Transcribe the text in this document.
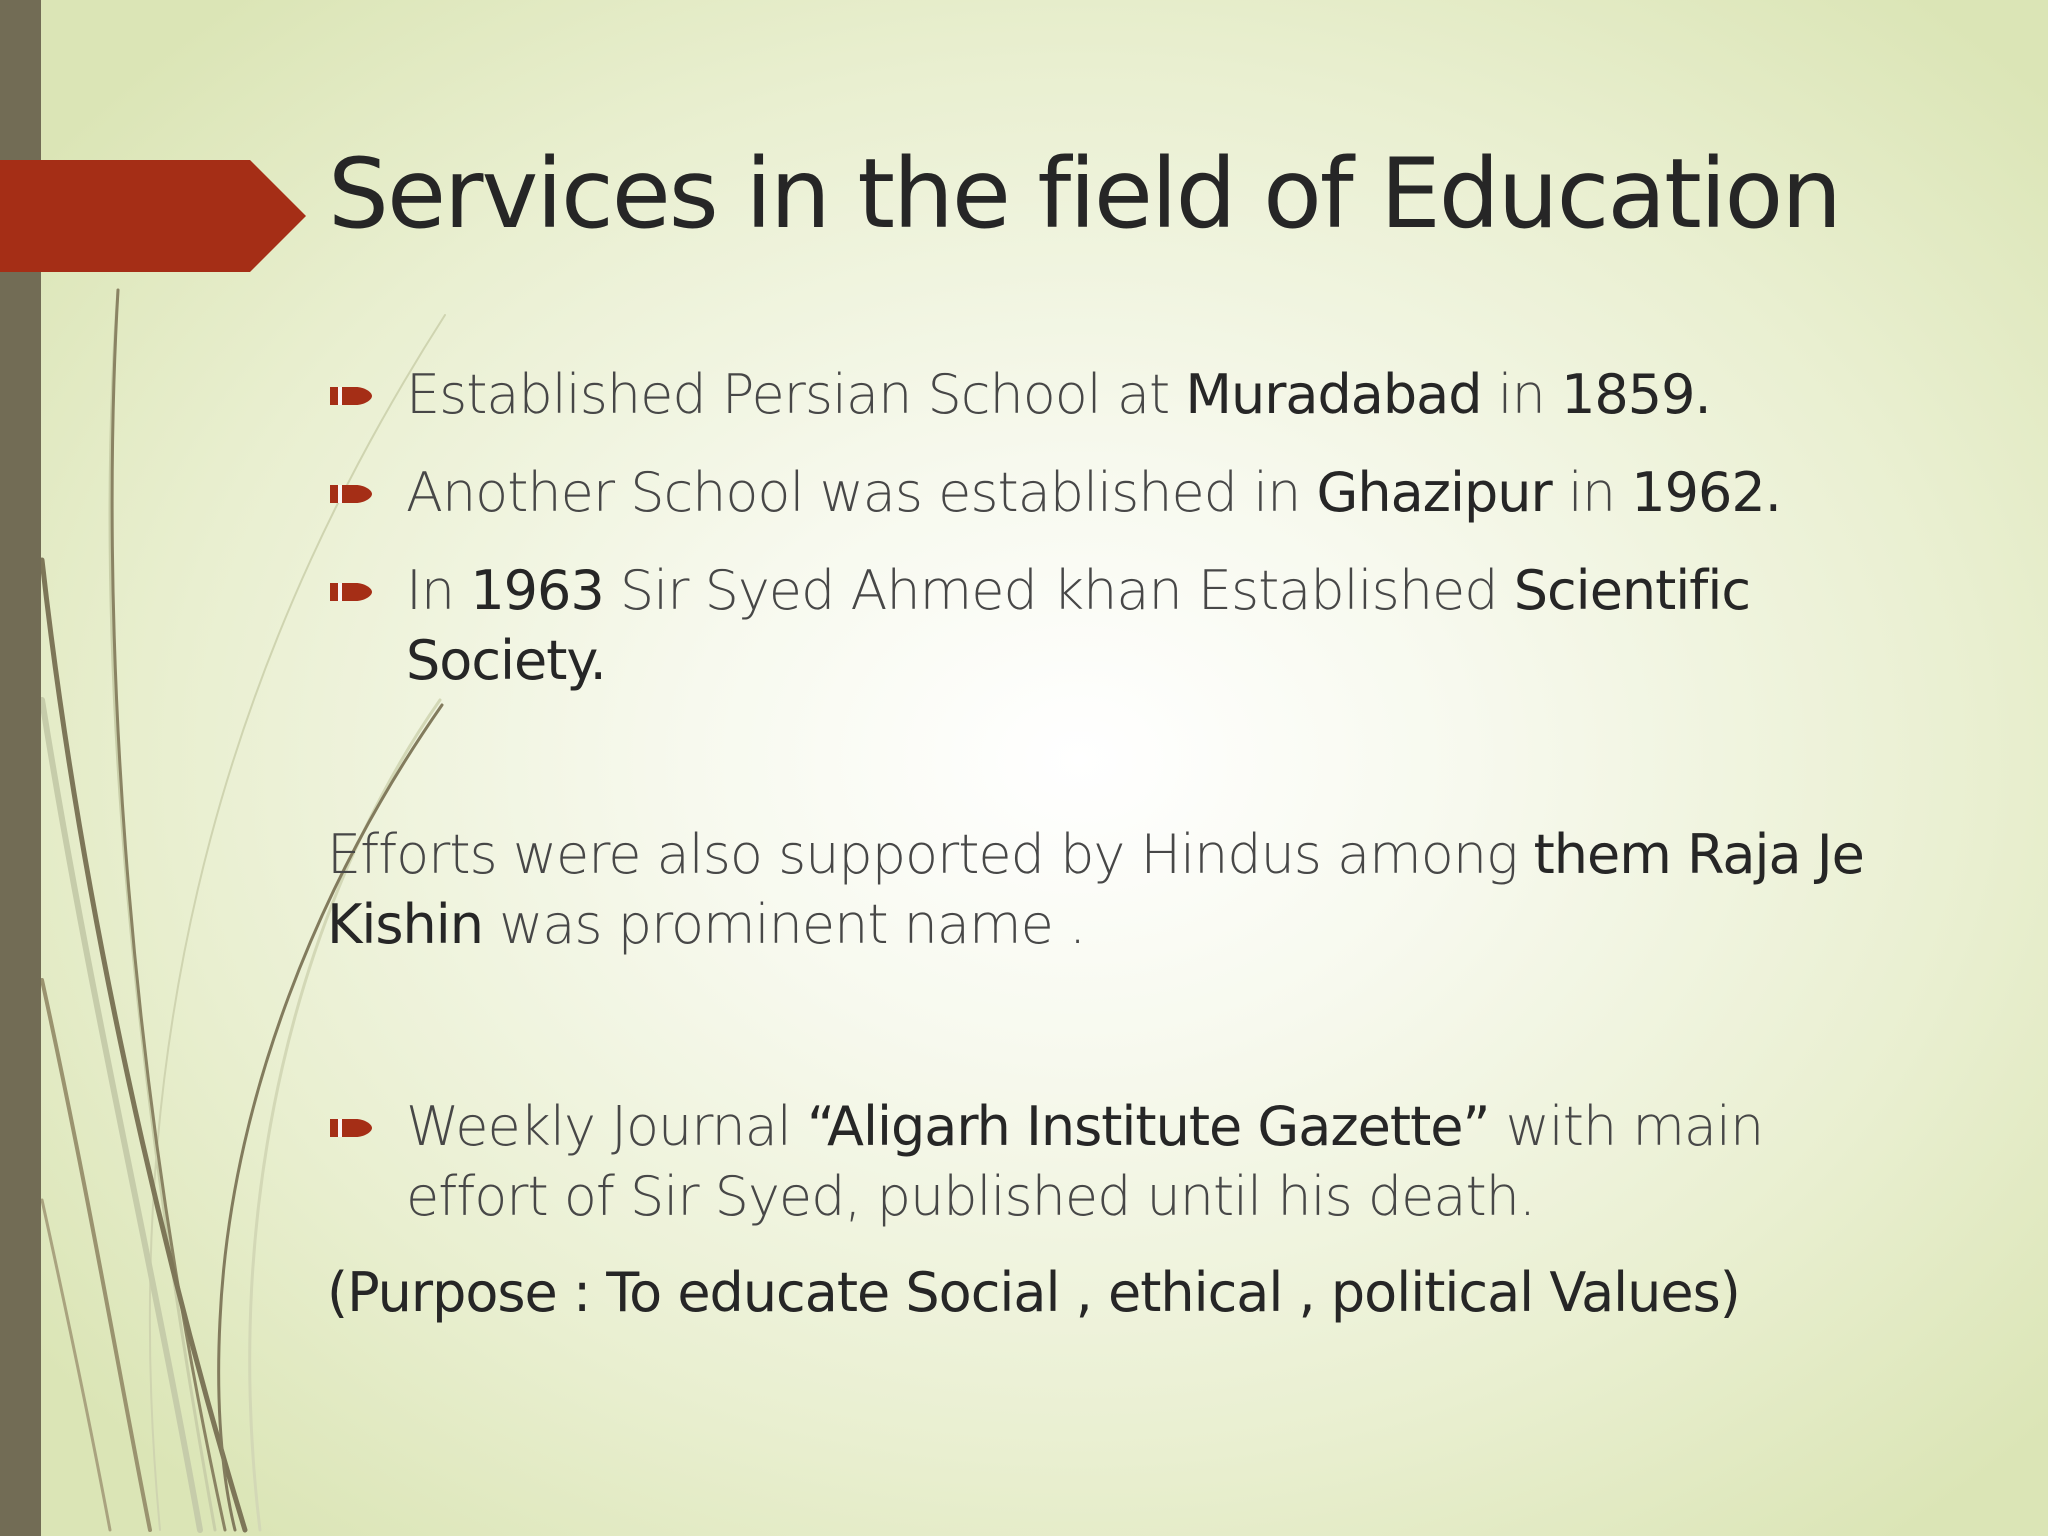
Services in the field of Education
Established Persian School at Muradabad in 1859.
Another School was established in Ghazipur in 1962.
In 1963 Sir Syed Ahmed khan Established Scientific Society.
Efforts were also supported by Hindus among them Raja Je Kishin was prominent name .
Weekly Journal “Aligarh Institute Gazette” with main effort of Sir Syed, published until his death.
(Purpose : To educate Social , ethical , political Values)
